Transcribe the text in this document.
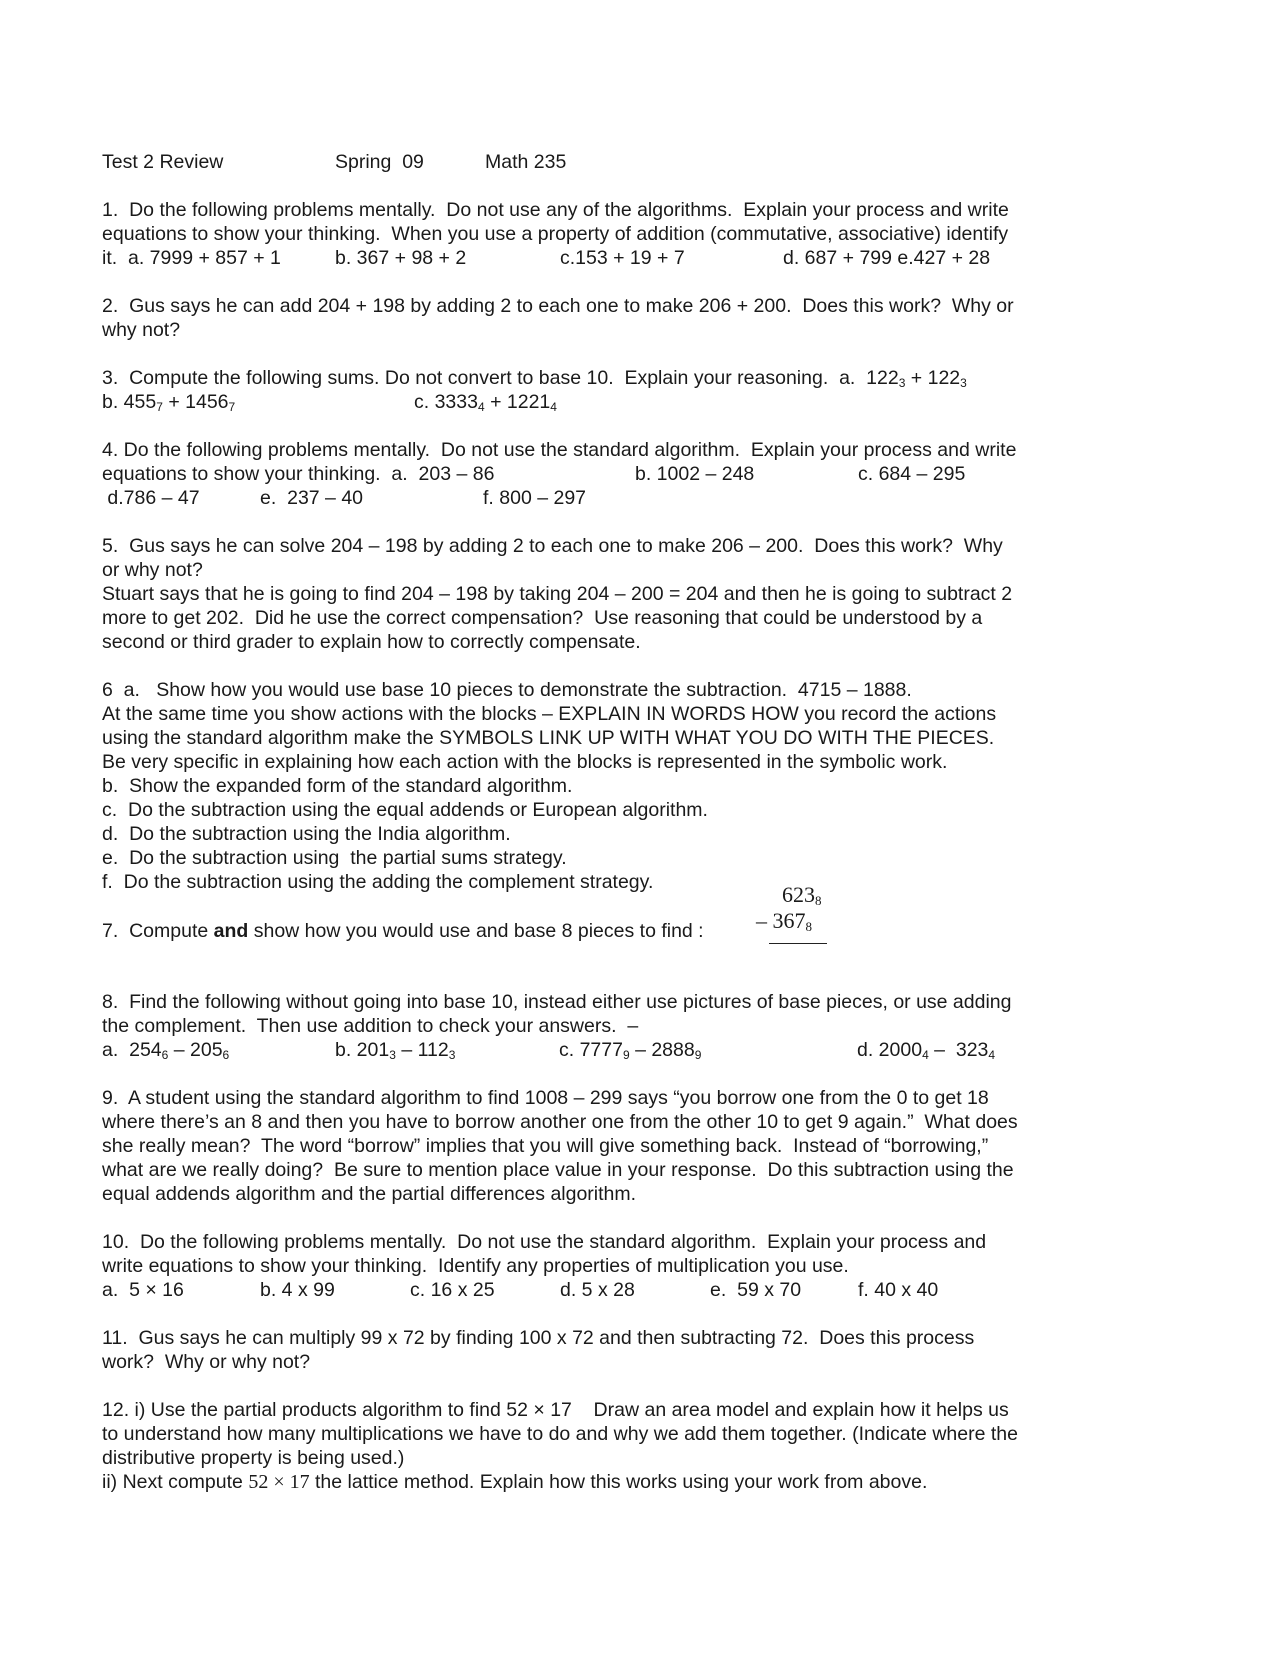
Test 2 Review	Spring  09	Math 235
1.  Do the following problems mentally.  Do not use any of the algorithms.  Explain your process and write
equations to show your thinking.  When you use a property of addition (commutative, associative) identify
it.  a. 7999 + 857 + 1	b. 367 + 98 + 2	c.153 + 19 + 7	d. 687 + 799 e.427 + 28
2.  Gus says he can add 204 + 198 by adding 2 to each one to make 206 + 200.  Does this work?  Why or
why not?
3.  Compute the following sums. Do not convert to base 10.  Explain your reasoning.  a.  $122_3 + 122_3$
b. $455_7 + 1456_7$	c. $3333_4 + 1221_4$
4. Do the following problems mentally.  Do not use the standard algorithm.  Explain your process and write
equations to show your thinking.  a.  203 – 86	b. 1002 – 248	c. 684 – 295
d.786 – 47	e.  237 – 40	f. 800 – 297
5.  Gus says he can solve 204 – 198 by adding 2 to each one to make 206 – 200.  Does this work?  Why
or why not?
Stuart says that he is going to find 204 – 198 by taking 204 – 200 = 204 and then he is going to subtract 2
more to get 202.  Did he use the correct compensation?  Use reasoning that could be understood by a
second or third grader to explain how to correctly compensate.
6  a.   Show how you would use base 10 pieces to demonstrate the subtraction.  4715 – 1888.
At the same time you show actions with the blocks – EXPLAIN IN WORDS HOW you record the actions
using the standard algorithm make the SYMBOLS LINK UP WITH WHAT YOU DO WITH THE PIECES.
Be very specific in explaining how each action with the blocks is represented in the symbolic work.
b.  Show the expanded form of the standard algorithm.
c.  Do the subtraction using the equal addends or European algorithm.
d.  Do the subtraction using the India algorithm.
e.  Do the subtraction using  the partial sums strategy.
f.  Do the subtraction using the adding the complement strategy.
7.  Compute and show how you would use and base 8 pieces to find :
8.  Find the following without going into base 10, instead either use pictures of base pieces, or use adding
the complement.  Then use addition to check your answers.  –
a.  $254_6 - 205_6$	b. $201_3 - 112_3$	c. $7777_9 - 2888_9$	d. $2000_4 - 323_4$
9.  A student using the standard algorithm to find 1008 – 299 says “you borrow one from the 0 to get 18
where there’s an 8 and then you have to borrow another one from the other 10 to get 9 again.”  What does
she really mean?  The word “borrow” implies that you will give something back.  Instead of “borrowing,”
what are we really doing?  Be sure to mention place value in your response.  Do this subtraction using the
equal addends algorithm and the partial differences algorithm.
10.  Do the following problems mentally.  Do not use the standard algorithm.  Explain your process and
write equations to show your thinking.  Identify any properties of multiplication you use.
a.  5 × 16	b. 4 x 99	c. 16 x 25	d. 5 x 28	e.  59 x 70	f. 40 x 40
11.  Gus says he can multiply 99 x 72 by finding 100 x 72 and then subtracting 72.  Does this process
work?  Why or why not?
12. i) Use the partial products algorithm to find 52 × 17    Draw an area model and explain how it helps us
to understand how many multiplications we have to do and why we add them together. (Indicate where the
distributive property is being used.)
ii) Next compute 52 × 17 the lattice method. Explain how this works using your work from above.
$623_8$
– $367_8$
